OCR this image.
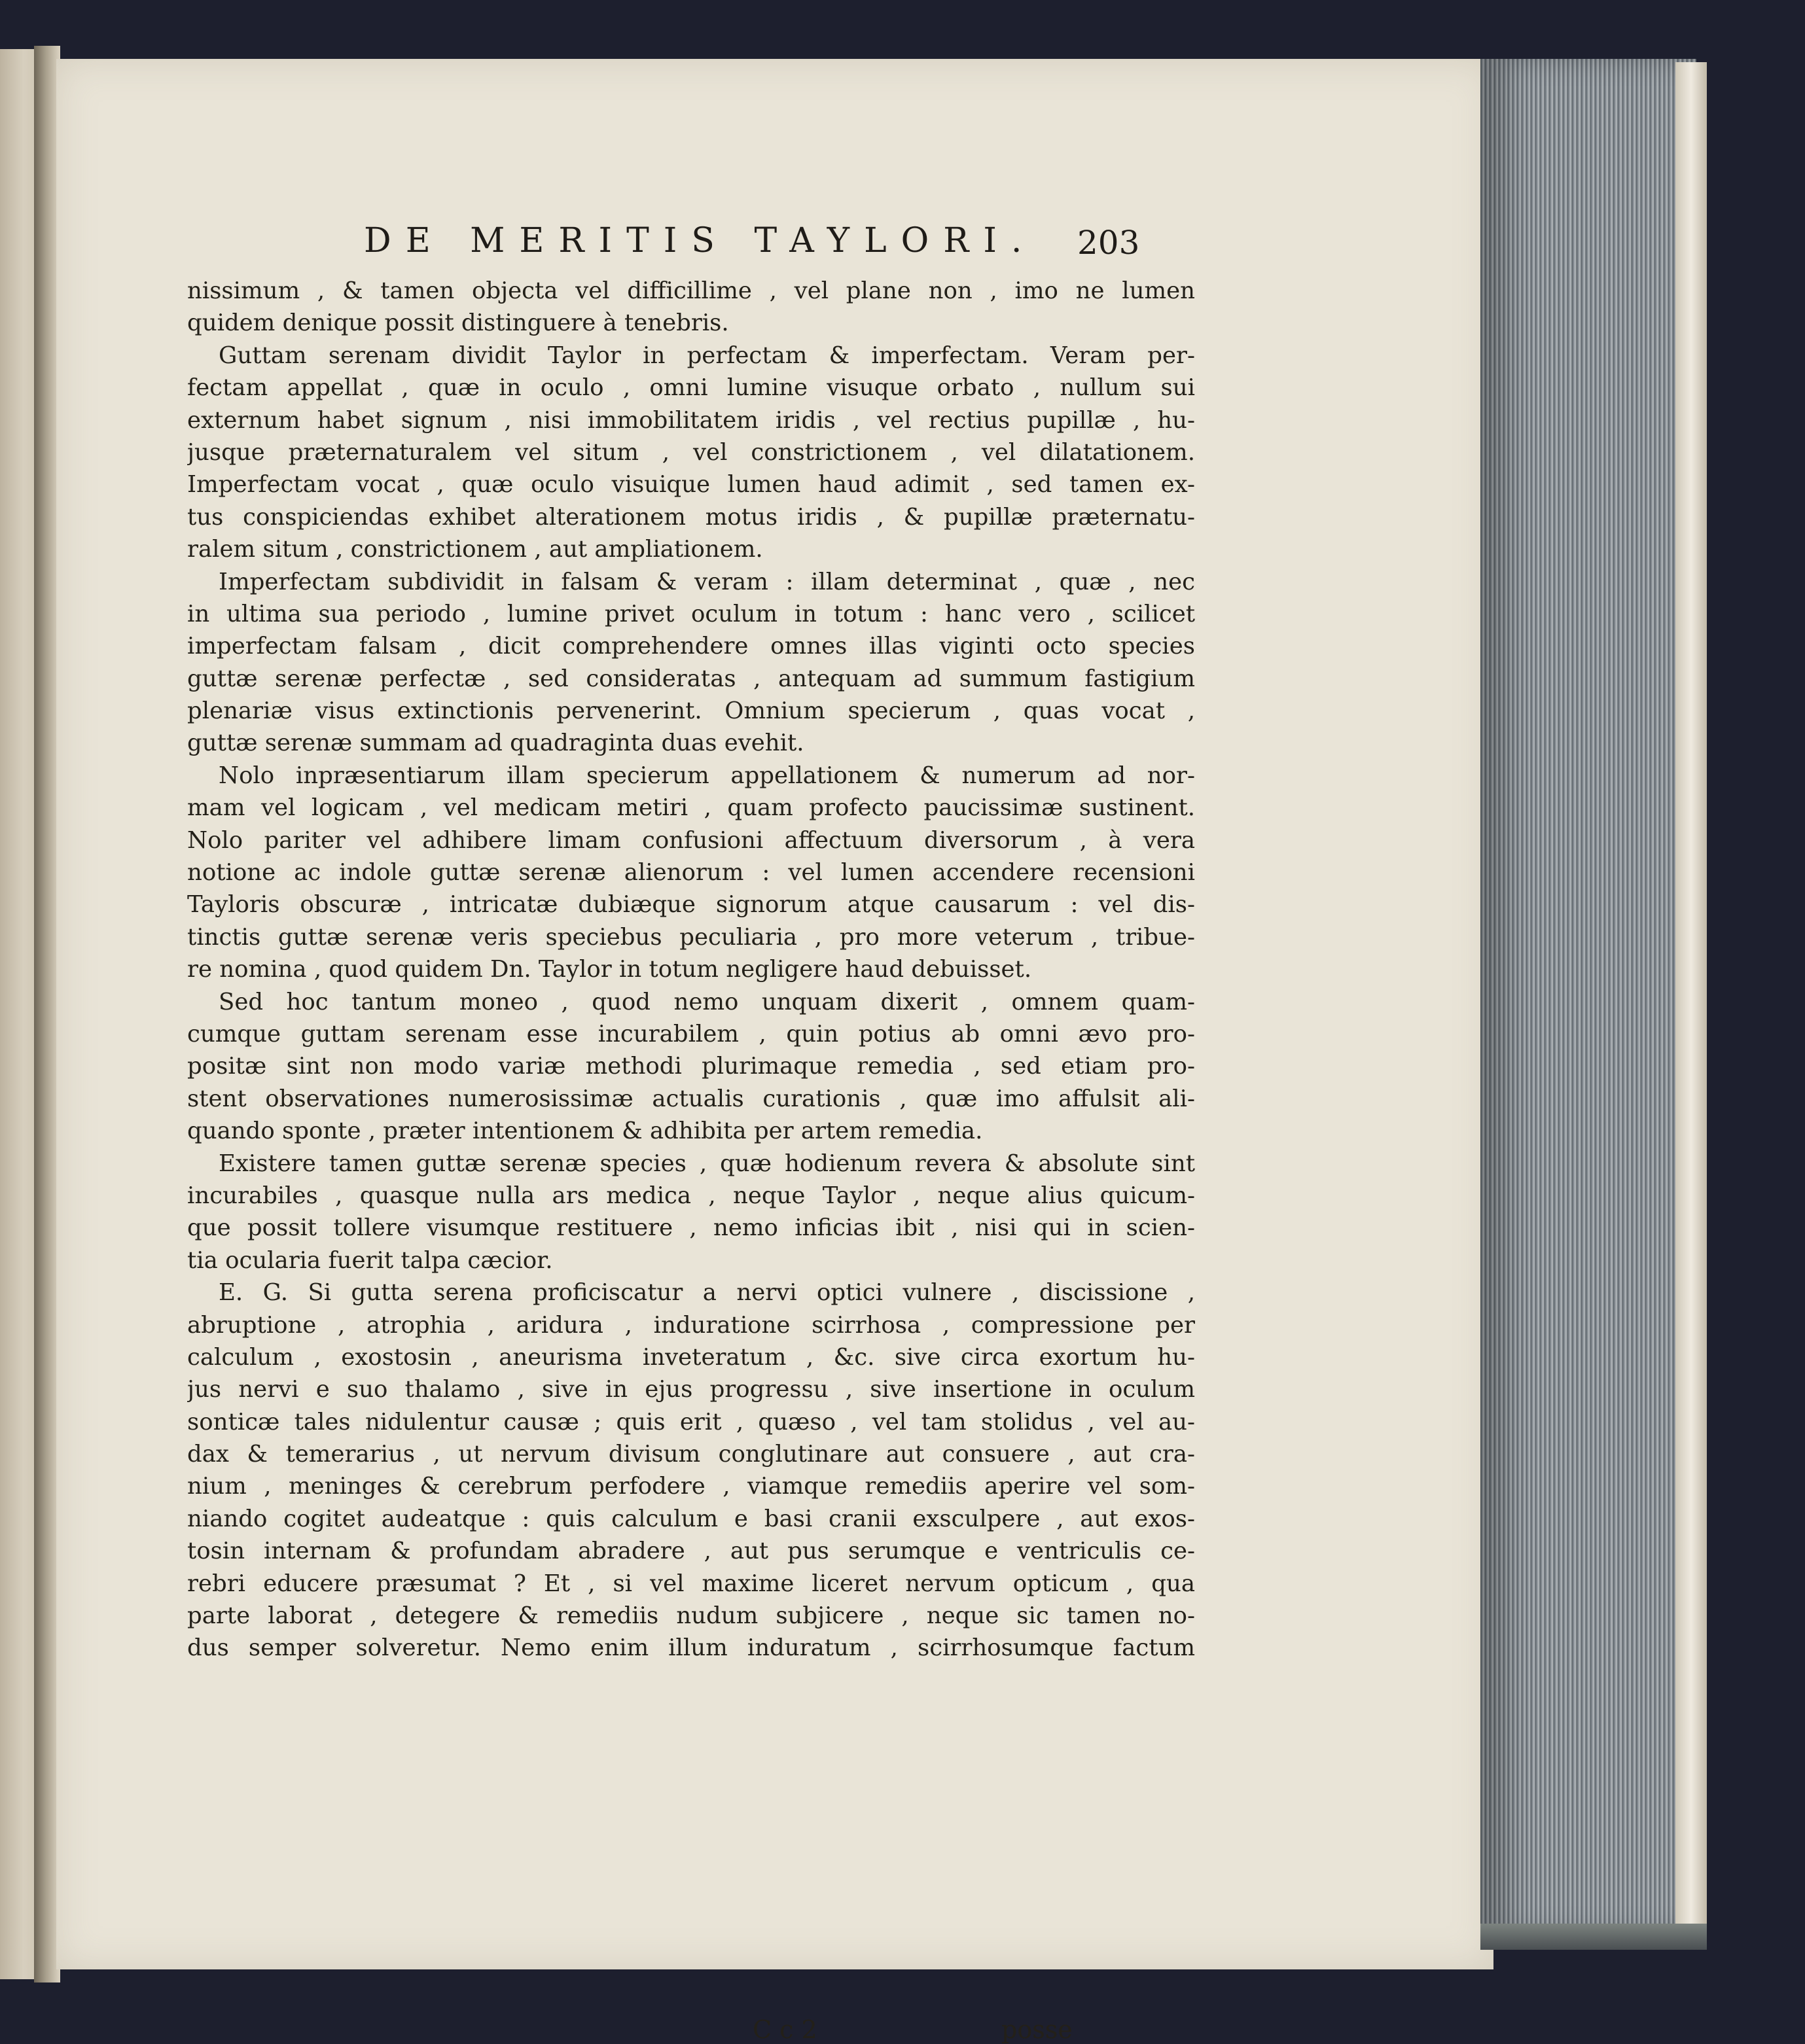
DE MERITIS TAYLORI. 203
nissimum , & tamen objecta vel difficillime , vel plane non , imo ne lumen
quidem denique possit distinguere à tenebris.
Guttam serenam dividit Taylor in perfectam & imperfectam. Veram per-
fectam appellat , quæ in oculo , omni lumine visuque orbato , nullum sui
externum habet signum , nisi immobilitatem iridis , vel rectius pupillæ , hu-
jusque præternaturalem vel situm , vel constrictionem , vel dilatationem.
Imperfectam vocat , quæ oculo visuique lumen haud adimit , sed tamen ex-
tus conspiciendas exhibet alterationem motus iridis , & pupillæ præternatu-
ralem situm , constrictionem , aut ampliationem.
Imperfectam subdividit in falsam & veram : illam determinat , quæ , nec
in ultima sua periodo , lumine privet oculum in totum : hanc vero , scilicet
imperfectam falsam , dicit comprehendere omnes illas viginti octo species
guttæ serenæ perfectæ , sed consideratas , antequam ad summum fastigium
plenariæ visus extinctionis pervenerint. Omnium specierum , quas vocat ,
guttæ serenæ summam ad quadraginta duas evehit.
Nolo inpræsentiarum illam specierum appellationem & numerum ad nor-
mam vel logicam , vel medicam metiri , quam profecto paucissimæ sustinent.
Nolo pariter vel adhibere limam confusioni affectuum diversorum , à vera
notione ac indole guttæ serenæ alienorum : vel lumen accendere recensioni
Tayloris obscuræ , intricatæ dubiæque signorum atque causarum : vel dis-
tinctis guttæ serenæ veris speciebus peculiaria , pro more veterum , tribue-
re nomina , quod quidem Dn. Taylor in totum negligere haud debuisset.
Sed hoc tantum moneo , quod nemo unquam dixerit , omnem quam-
cumque guttam serenam esse incurabilem , quin potius ab omni ævo pro-
positæ sint non modo variæ methodi plurimaque remedia , sed etiam pro-
stent observationes numerosissimæ actualis curationis , quæ imo affulsit ali-
quando sponte , præter intentionem & adhibita per artem remedia.
Existere tamen guttæ serenæ species , quæ hodienum revera & absolute sint
incurabiles , quasque nulla ars medica , neque Taylor , neque alius quicum-
que possit tollere visumque restituere , nemo inficias ibit , nisi qui in scien-
tia ocularia fuerit talpa cæcior.
E. G. Si gutta serena proficiscatur a nervi optici vulnere , discissione ,
abruptione , atrophia , aridura , induratione scirrhosa , compressione per
calculum , exostosin , aneurisma inveteratum , &c. sive circa exortum hu-
jus nervi e suo thalamo , sive in ejus progressu , sive insertione in oculum
sonticæ tales nidulentur causæ ; quis erit , quæso , vel tam stolidus , vel au-
dax & temerarius , ut nervum divisum conglutinare aut consuere , aut cra-
nium , meninges & cerebrum perfodere , viamque remediis aperire vel som-
niando cogitet audeatque : quis calculum e basi cranii exsculpere , aut exos-
tosin internam & profundam abradere , aut pus serumque e ventriculis ce-
rebri educere præsumat ? Et , si vel maxime liceret nervum opticum , qua
parte laborat , detegere & remediis nudum subjicere , neque sic tamen no-
dus semper solveretur. Nemo enim illum induratum , scirrhosumque factum
C c 2	posse
